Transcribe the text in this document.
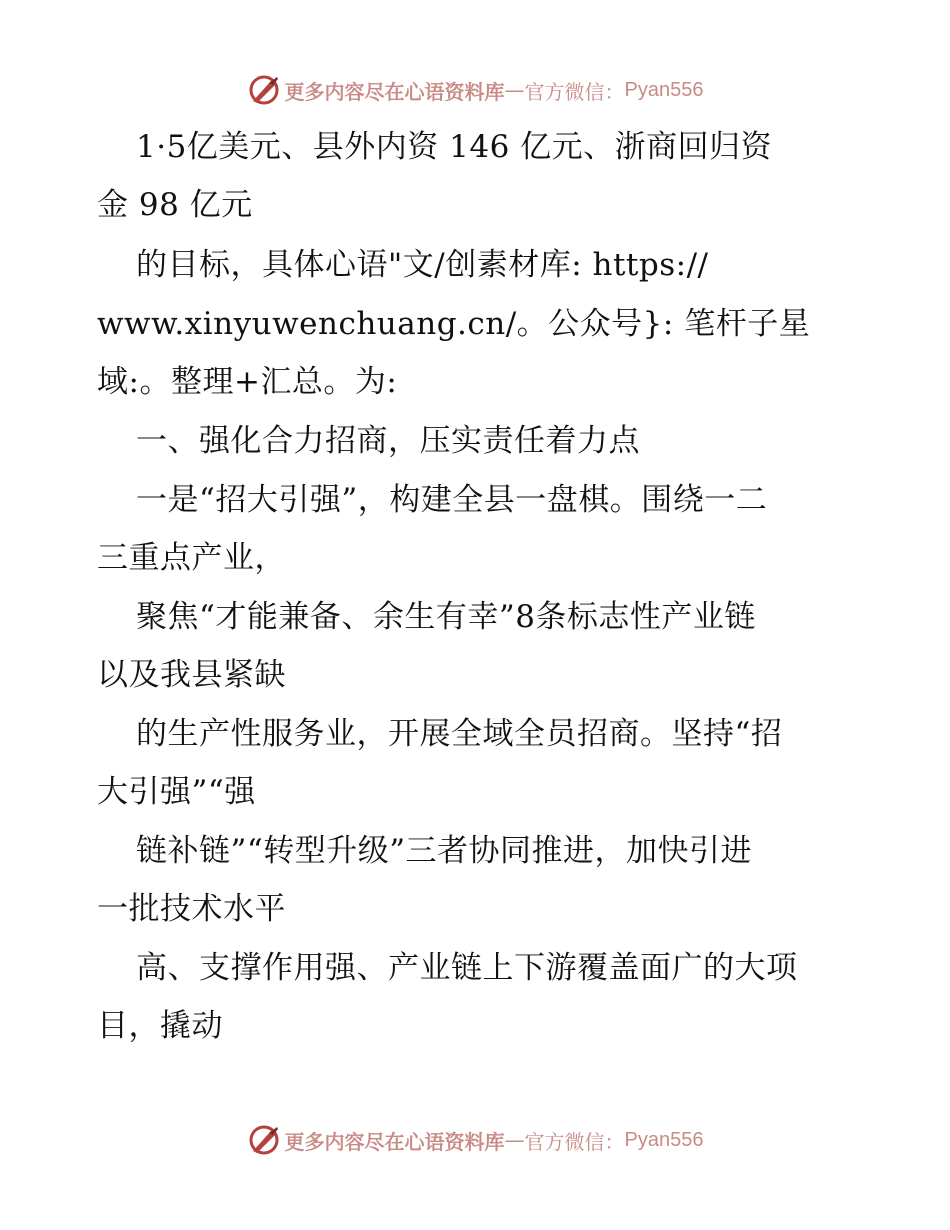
更多内容尽在心语资料库 — 官方微信： Pyan556
1·5亿美元、县外内资 146 亿元、浙商回归资
金 98 亿元
的目标，具体心语"文/创素材库: https://
www.xinyuwenchuang.cn/。公众号}: 笔杆子星
域:。整理+汇总。为:
一、强化合力招商，压实责任着力点
一是“招大引强”，构建全县一盘棋。围绕一二
三重点产业，
聚焦“才能兼备、余生有幸”8条标志性产业链
以及我县紧缺
的生产性服务业，开展全域全员招商。坚持“招
大引强”“强
链补链”“转型升级”三者协同推进，加快引进
一批技术水平
高、支撑作用强、产业链上下游覆盖面广的大项
目，撬动
更多内容尽在心语资料库 — 官方微信： Pyan556
